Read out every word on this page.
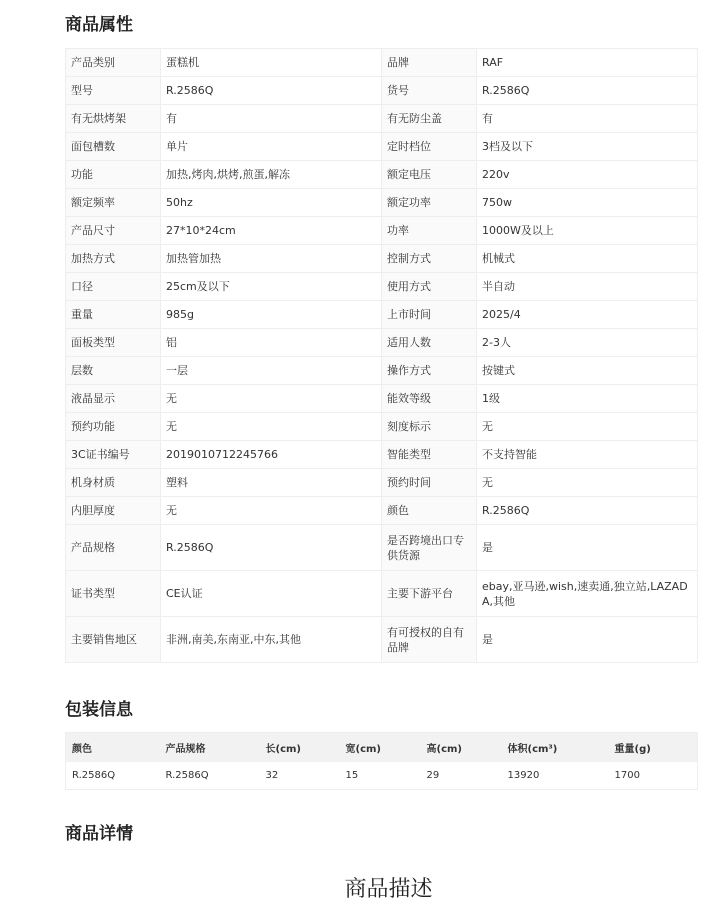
商品属性
产品类别	蛋糕机	品牌	RAF
型号	R.2586Q	货号	R.2586Q
有无烘烤架	有	有无防尘盖	有
面包槽数	单片	定时档位	3档及以下
功能	加热,烤肉,烘烤,煎蛋,解冻	额定电压	220v
额定频率	50hz	额定功率	750w
产品尺寸	27*10*24cm	功率	1000W及以上
加热方式	加热管加热	控制方式	机械式
口径	25cm及以下	使用方式	半自动
重量	985g	上市时间	2025/4
面板类型	铝	适用人数	2-3人
层数	一层	操作方式	按键式
液晶显示	无	能效等级	1级
预约功能	无	刻度标示	无
3C证书编号	2019010712245766	智能类型	不支持智能
机身材质	塑料	预约时间	无
内胆厚度	无	颜色	R.2586Q
产品规格	R.2586Q	是否跨境出口专供货源	是
证书类型	CE认证	主要下游平台	ebay,亚马逊,wish,速卖通,独立站,LAZADA,其他
主要销售地区	非洲,南美,东南亚,中东,其他	有可授权的自有品牌	是
包装信息
颜色	产品规格	长(cm)	宽(cm)	高(cm)	体积(cm³)	重量(g)
R.2586Q	R.2586Q	32	15	29	13920	1700
商品详情
商品描述
